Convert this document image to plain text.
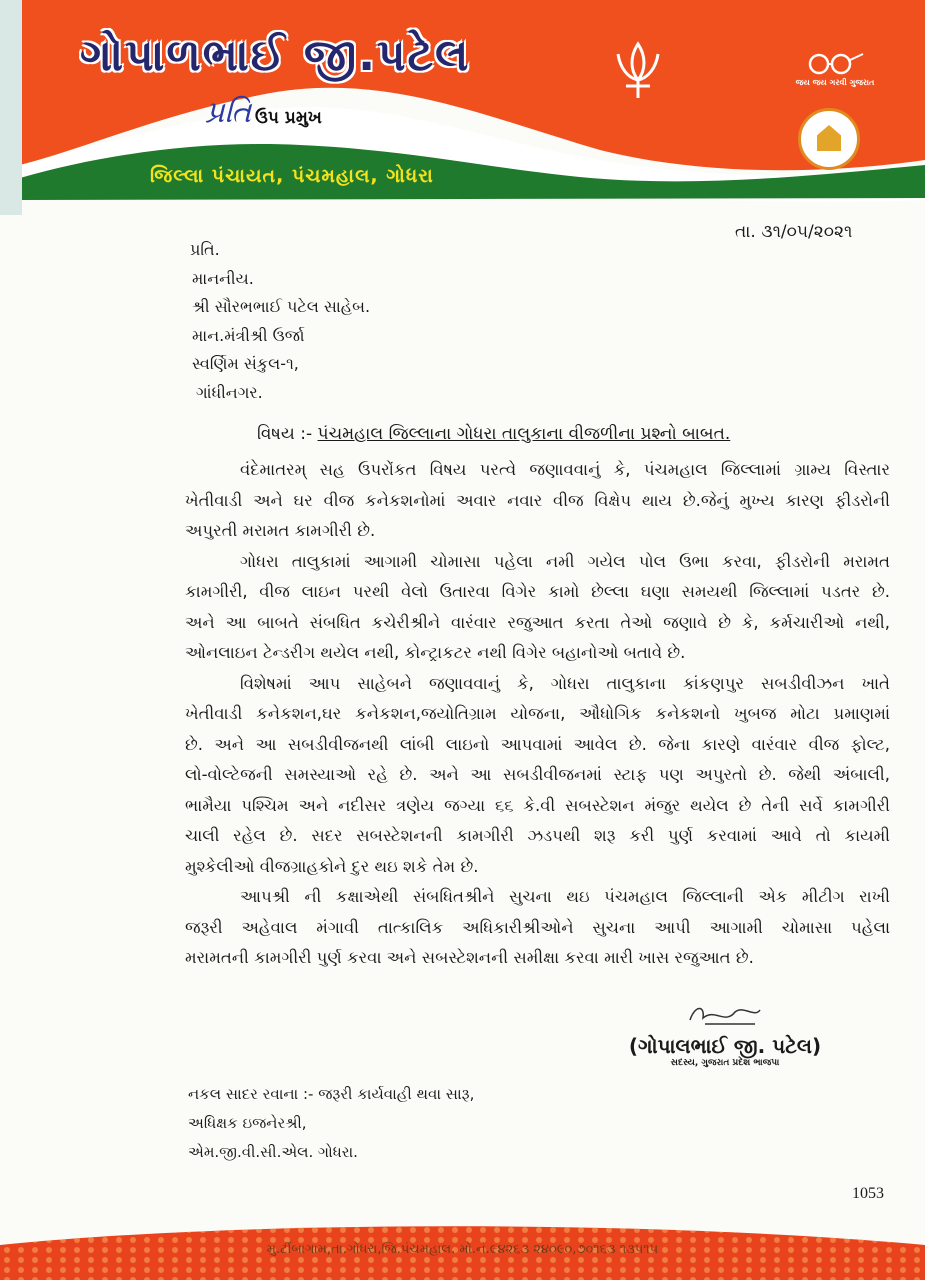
ગોપાળભાઈ જી.પટેલ
પ્રતિ ઉપ પ્રમુખ
જિલ્લા પંચાયત, પંચમહાલ, ગોધરા
જય જય ગરવી ગુજરાત
તા. ૩૧/૦૫/૨૦૨૧
પ્રતિ.
માનનીય.
શ્રી સૌરભભાઈ પટેલ સાહેબ.
માન.મંત્રીશ્રી ઉર્જા
સ્વર્ણિમ સંકુલ-૧,
ગાંધીનગર.
વિષય :- પંચમહાલ જિલ્લાના ગોધરા તાલુકાના વીજળીના પ્રશ્નો બાબત.
વંદેમાતરમ્ સહ ઉપરોંકત વિષય પરત્વે જણાવવાનું કે, પંચમહાલ જિલ્લામાં ગ્રામ્ય વિસ્તાર
ખેતીવાડી અને ઘર વીજ કનેકશનોમાં અવાર નવાર વીજ વિક્ષેપ થાય છે.જેનું મુખ્ય કારણ ફીડરોની
અપુરતી મરામત કામગીરી છે.
ગોધરા તાલુકામાં આગામી ચોમાસા પહેલા નમી ગયેલ પોલ ઉભા કરવા, ફીડરોની મરામત
કામગીરી, વીજ લાઇન પરથી વેલો ઉતારવા વિગેર કામો છેલ્લા ઘણા સમયથી જિલ્લામાં પડતર છે.
અને આ બાબતે સંબધિત કચેરીશ્રીને વારંવાર રજુઆત કરતા તેઓ જણાવે છે કે, કર્મચારીઓ નથી,
ઓનલાઇન ટેન્ડરીગ થયેલ નથી, કોન્ટ્રાકટર નથી વિગેર બહાનોઓ બતાવે છે.
વિશેષમાં આપ સાહેબને જણાવવાનું કે, ગોધરા તાલુકાના કાંકણપુર સબડીવીઝન ખાતે
ખેતીવાડી કનેકશન,ઘર કનેકશન,જયોતિગ્રામ યોજના, ઔધોગિક કનેકશનો ખુબજ મોટા પ્રમાણમાં
છે. અને આ સબડીવીજનથી લાંબી લાઇનો આપવામાં આવેલ છે. જેના કારણે વારંવાર વીજ ફોલ્ટ,
લો-વોલ્ટેજની સમસ્યાઓ રહે છે. અને આ સબડીવીજનમાં સ્ટાફ પણ અપુરતો છે. જેથી અંબાલી,
ભામૈયા પશ્ચિમ અને નદીસર ત્રણેય જગ્યા ૬૬ કે.વી સબસ્ટેશન મંજુર થયેલ છે તેની સર્વે કામગીરી
ચાલી રહેલ છે. સદર સબસ્ટેશનની કામગીરી ઝડપથી શરૂ કરી પુર્ણ કરવામાં આવે તો કાયમી
મુશ્કેલીઓ વીજગ્રાહકોને દુર થઇ શકે તેમ છે.
આપશ્રી ની કક્ષાએથી સંબધિતશ્રીને સુચના થઇ પંચમહાલ જિલ્લાની એક મીટીગ રાખી
જરૂરી અહેવાલ મંગાવી તાત્કાલિક અધિકારીશ્રીઓને સુચના આપી આગામી ચોમાસા પહેલા
મરામતની કામગીરી પુર્ણ કરવા અને સબસ્ટેશનની સમીક્ષા કરવા મારી ખાસ રજુઆત છે.
(ગોપાલભાઈ જી. પટેલ)
સદસ્ય, ગુજરાત પ્રદેશ ભાજપા
નકલ સાદર રવાના :- જરૂરી કાર્યવાહી થવા સારૂ,
અધિક્ષક ઇજનેરશ્રી,
એમ.જી.વી.સી.એલ. ગોધરા.
1053
મુ.ટીંબાગામ,તા.ગોધરા,જિ.પંચમહાલ. મો.નં.૯૪૨૬૩ ૨૪૦૯૦,૭૦૧૬૩ ૧૩૫૧૫
